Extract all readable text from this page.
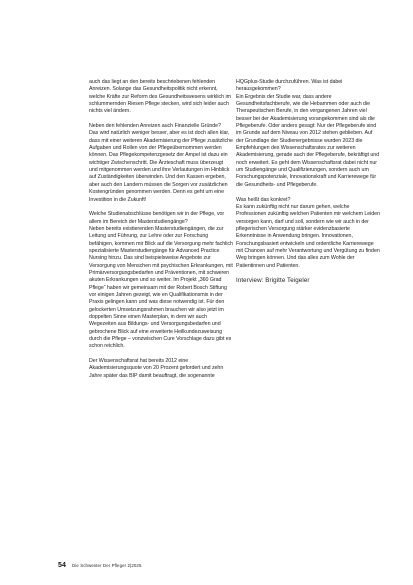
auch das liegt an den bereits beschriebenen fehlenden Anreizen. Solange das Gesundheitspolitik nicht erkennt, welche Kräfte zur Reform des Gesundheitswesens wirklich im schlummernden Riesen Pflege stecken, wird sich leider auch nichts viel ändern.

Neben den fehlenden Anreizen auch Finanzielle Gründe?

Das wird natürlich weniger besser, aber es ist doch allen klar, dass mit einer weiteren Akademisierung der Pflege zusätzliche Aufgaben und Rollen von der Pflegeübernommen werden können. Das Pflegekompetenzgesetz der Ampel ist dazu ein wichtiger Zwischenschritt. Die Ärzteschaft muss überzeugt und mitgenommen werden und ihre Verlautungen im Hinblick auf Zuständigkeiten überwinden. Und den Kassen ergeben, aber auch den Landern müssen die Sorgen vor zusätzlichen Kostengründen genommen werden. Denn es geht um eine Investition in die Zukunft!

Welche Studienabschlüsse benötigen wir in der Pflege, vor allem im Bereich der Masterstudiengänge?

Neben bereits existierenden Masterstudiengängen, die zur Leitung und Führung, zur Lehre oder zur Forschung befähigen, kommen mir Blick auf die Versorgung mehr fachlich spezialisierte Masterstudiengänge für Advanced Practice Nursing hinzu. Das sind beispielsweise Angebote zur Versorgung von Menschen mit psychischen Erkrankungen, mit Primärversorgungsbedarfen und Präventionen, mit schweren akuten Erkrankungen und so weiter. Im Projekt „360 Grad Pflege“ haben wir gemeinsam mit der Robert Bosch Stiftung vor einigen Jahren gezeigt, wie en Qualifikationsmix in der Praxis gelingen kann und was diese notwendig ist. Für den gelockerten Umsetzungsrahmen brauchen wir also jetzt im doppelten Sinne einen Masterplan, in dem wir auch Wegezeiten aus Bildungs- und Versorgungsbedarfen und gebrochene Blick auf eine erweiterte Heilkundezuweisung durch die Pflege – vonzwischen Cure Vorschlage dazu gibt es schon reichlich.

Der Wissenschaftsrat hat bereits 2012 eine Akademisierungsquote von 20 Prozent gefordert und zehn Jahre später das BIP damit beauftragt, die sogenannte

HQGplus-Studie durchzuführen. Was ist dabei herausgekommen?

Ein Ergebnis der Studie war, dass andere Gesundheitsfachberufe, wie die Hebammen oder auch die Therapeutischen Berufe, in den vergangenen Jahren viel besser bei der Akademisierung vorangekommen sind als die Pflegeberufe. Oder anders gesagt: Nur der Pflegeberufe sind im Grunde auf dem Niveau von 2012 stehen geblieben. Auf der Grundlage der Studienergebnisse wurden 2023 die Empfehlungen des Wissenschaftsrates zur weiteren Akademisierung, gerade auch der Pflegeberufe, bekräftigt und noch erweitert. Es geht dem Wissenschaftsrat dabei nicht nur um Studiengänge und Qualifizierungen, sondern auch um Forschungspotenziale, Innovationskraft und Karrierewege für die Gesundheits- und Pflegeberufe.

Was heißt das konkret?

Es kann zukünftig nicht nur darum gehen, welche Professionen zukünftig welchen Patienten mir welchem Leiden versorgen kann, darf und soll, sondern wie wir auch in der pflegerischen Versorgung stärker evidenzbasierte Erkenntnisse in Anwendung bringen. Innovationen, Forschungsbasiert entwickeln und ordentliche Karrierewege mit Chancen auf mehr Verantwortung und Vergütung zu finden Weg bringen können. Und das alles zum Wohle der Patientinnen und Patienten.

Interview: Brigitte Teigeler
54 Die Schwester Der Pfleger 2|2025
